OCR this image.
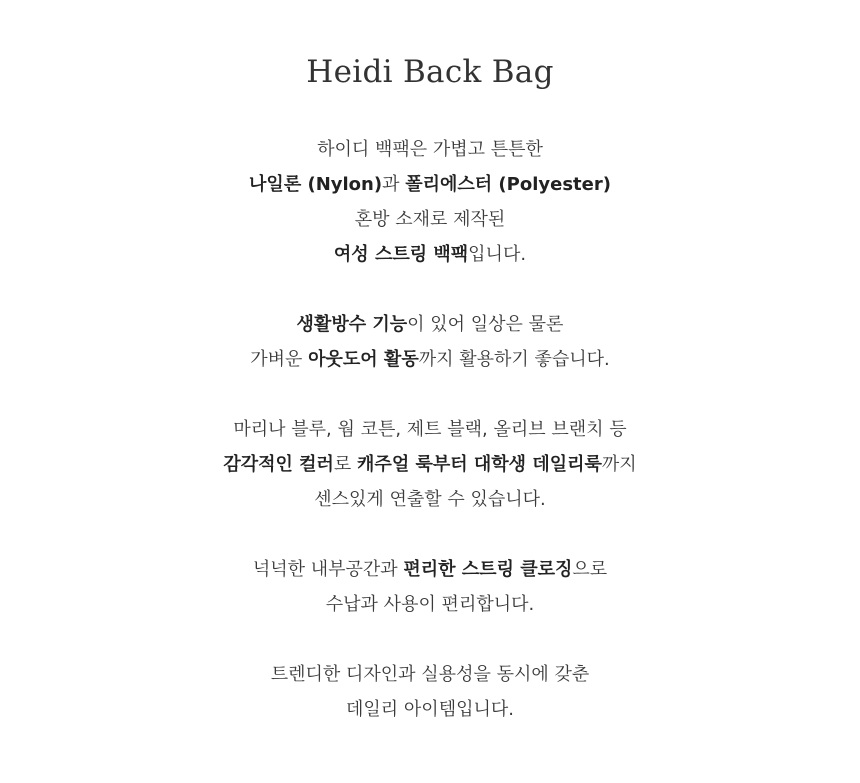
Heidi Back Bag
하이디 백팩은 가볍고 튼튼한
나일론 (Nylon)과 폴리에스터 (Polyester)
혼방 소재로 제작된
여성 스트링 백팩입니다.
생활방수 기능이 있어 일상은 물론
가벼운 아웃도어 활동까지 활용하기 좋습니다.
마리나 블루, 웜 코튼, 제트 블랙, 올리브 브랜치 등
감각적인 컬러로 캐주얼 룩부터 대학생 데일리룩까지
센스있게 연출할 수 있습니다.
넉넉한 내부공간과 편리한 스트링 클로징으로
수납과 사용이 편리합니다.
트렌디한 디자인과 실용성을 동시에 갖춘
데일리 아이템입니다.
